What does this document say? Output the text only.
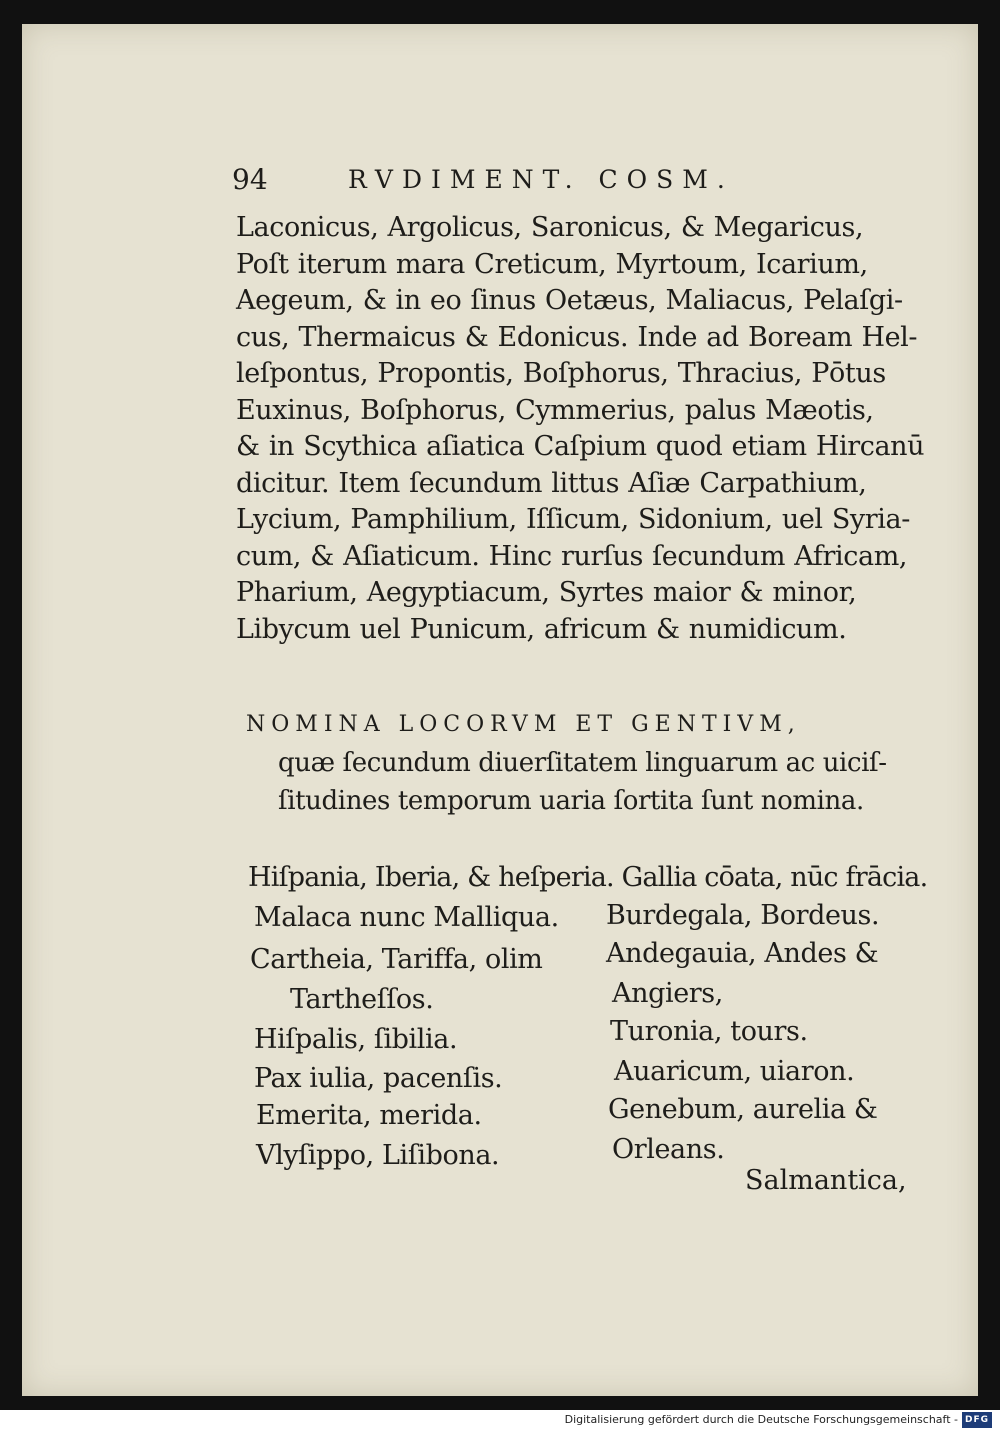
94	RVDIMENT. COSM.
Laconicus, Argolicus, Saronicus, & Megaricus,
Poſt iterum mara Creticum, Myrtoum, Icarium,
Aegeum, & in eo ſinus Oetæus, Maliacus, Pelaſgi-
cus, Thermaicus & Edonicus. Inde ad Boream Hel-
leſpontus, Propontis, Boſphorus, Thracius, Pōtus
Euxinus, Boſphorus, Cymmerius, palus Mæotis,
& in Scythica aſiatica Caſpium quod etiam Hircanū
dicitur. Item ſecundum littus Aſiæ Carpathium,
Lycium, Pamphilium, Iſſicum, Sidonium, uel Syria-
cum, & Aſiaticum. Hinc rurſus ſecundum Africam,
Pharium, Aegyptiacum, Syrtes maior & minor,
Libycum uel Punicum, africum & numidicum.
NOMINA LOCORVM ET GENTIVM,
quæ ſecundum diuerſitatem linguarum ac uiciſ-
ſitudines temporum uaria ſortita ſunt nomina.
Hiſpania, Iberia, & heſperia. Gallia cōata, nūc frācia.
Malaca nunc Malliqua.
Cartheia, Tariffa, olim
Tartheſſos.
Hiſpalis, ſibilia.
Pax iulia, pacenſis.
Emerita, merida.
Vlyſippo, Liſibona.
Burdegala, Bordeus.
Andegauia, Andes &
Angiers,
Turonia, tours.
Auaricum, uiaron.
Genebum, aurelia &
Orleans.
Salmantica,
Digitalisierung gefördert durch die Deutsche Forschungsgemeinschaft - DFG
